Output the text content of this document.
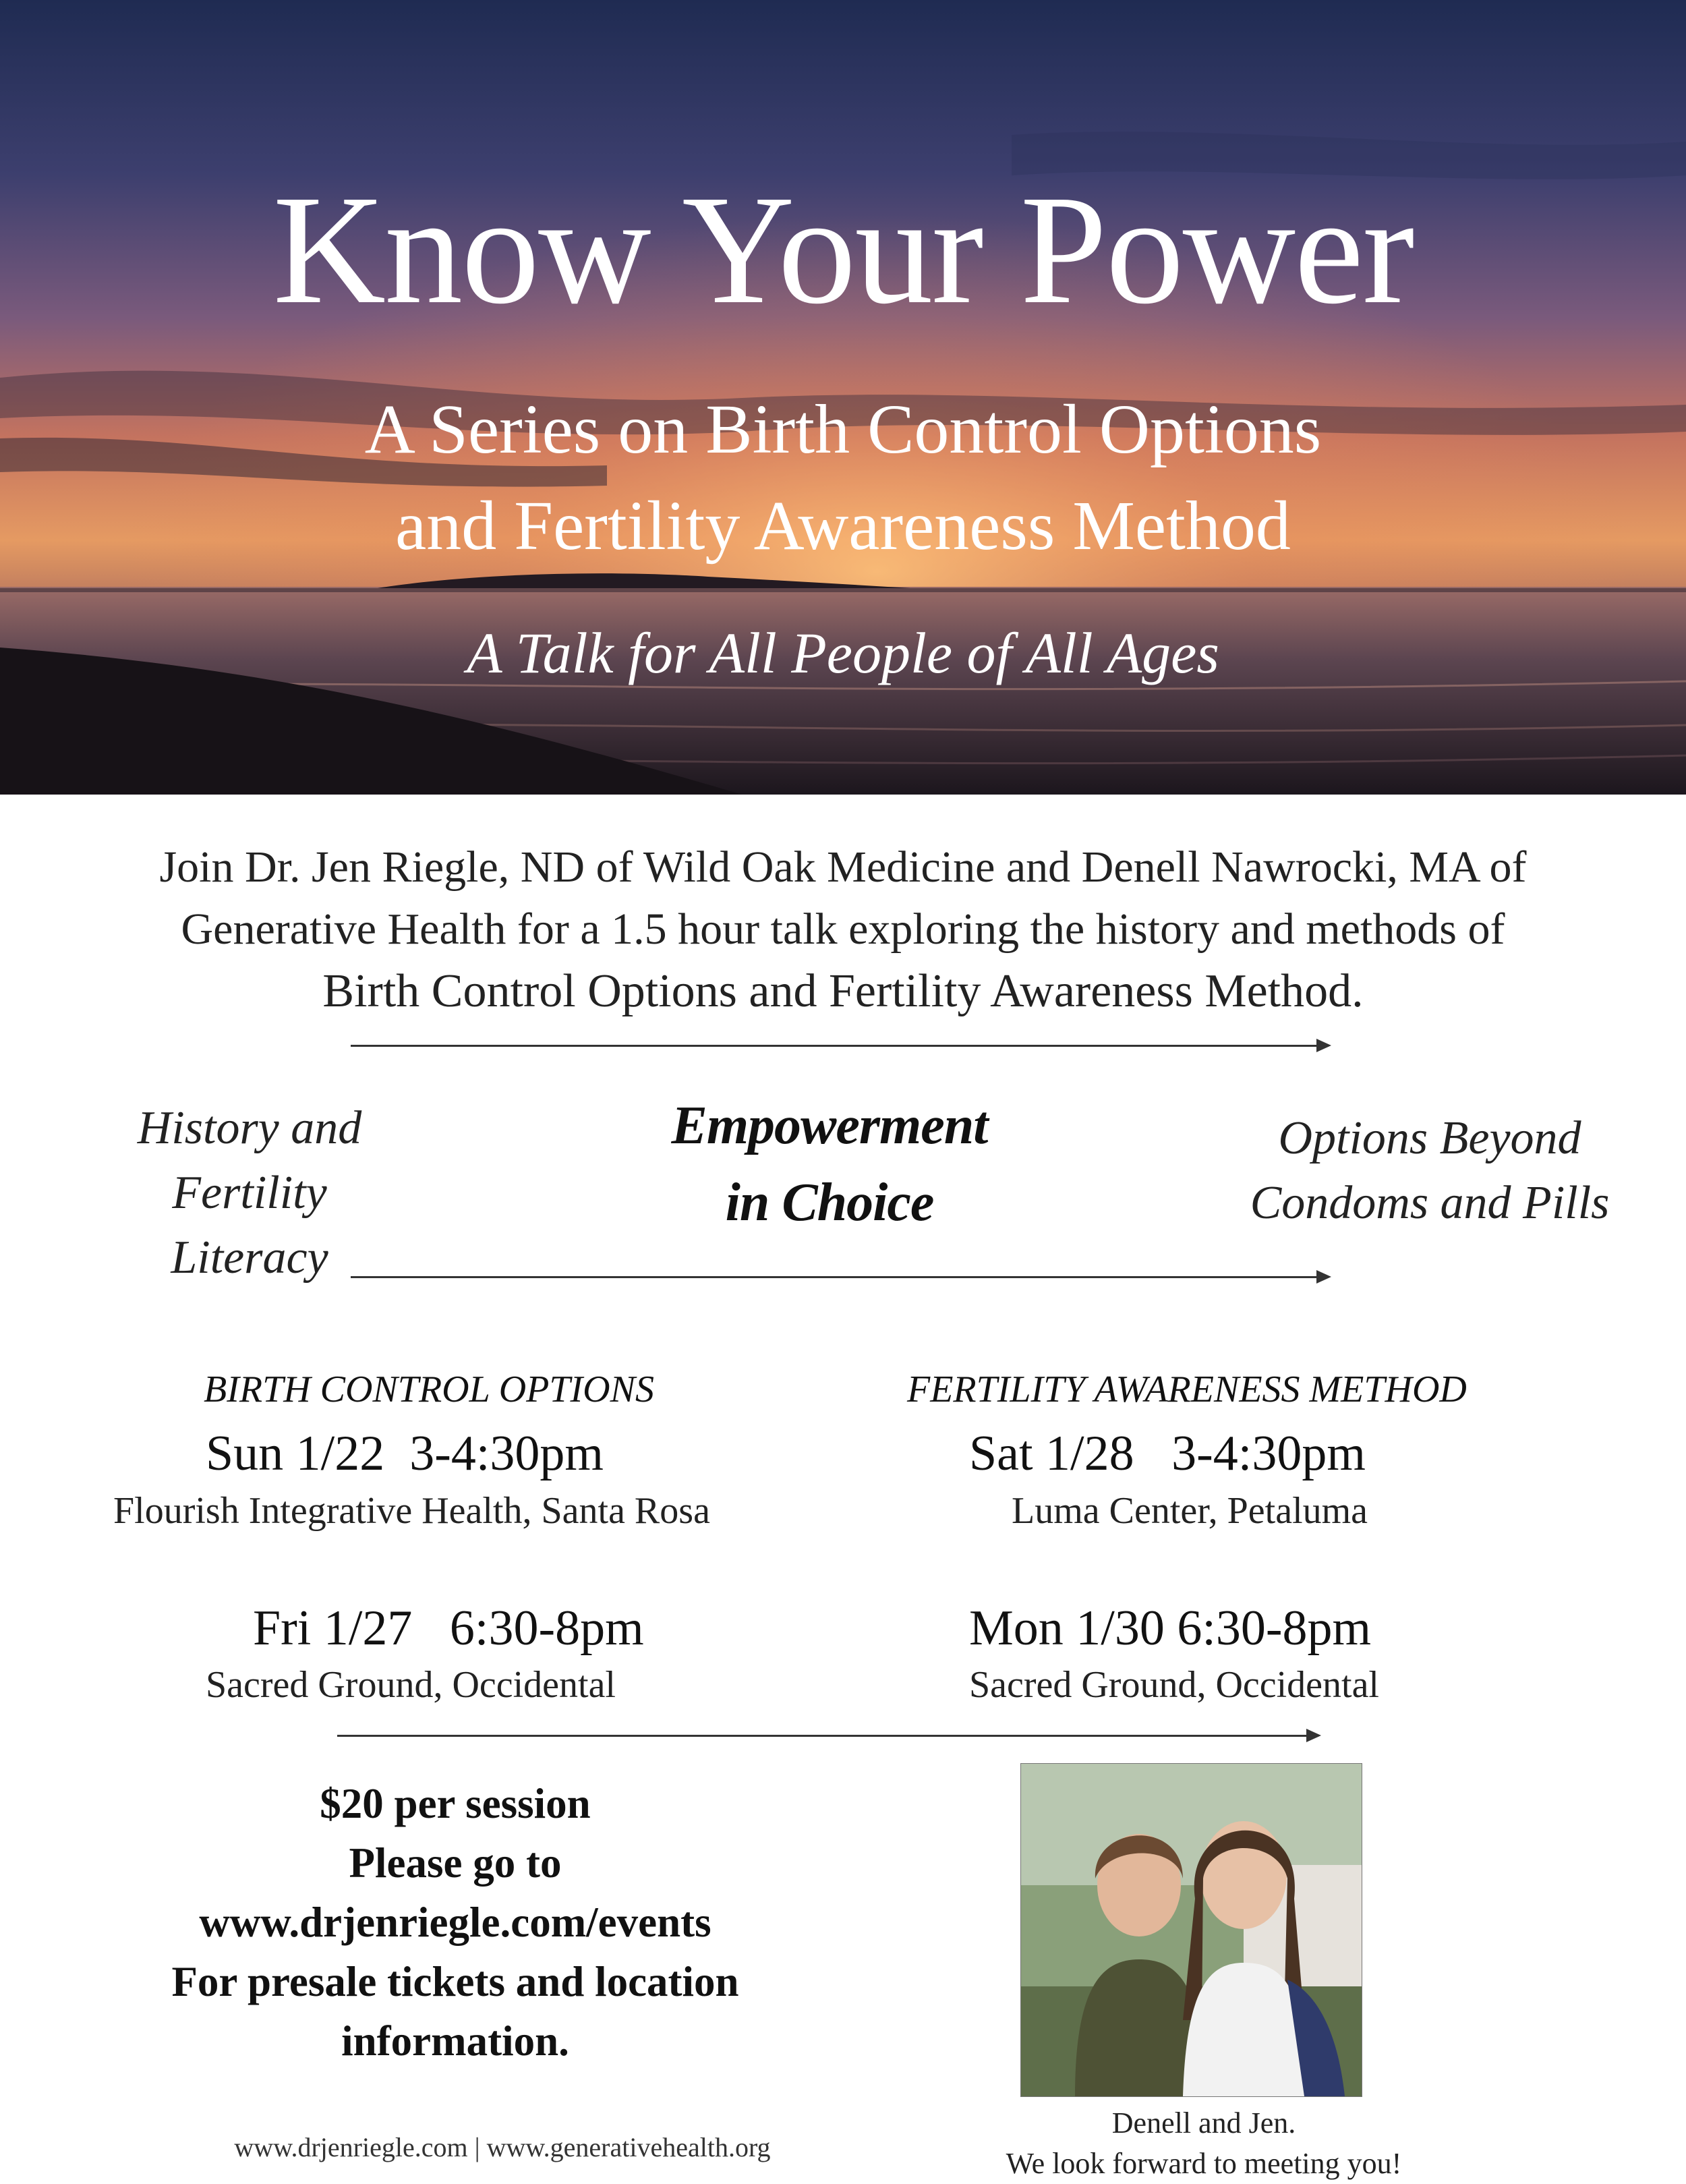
Know Your Power
A Series on Birth Control Options
and Fertility Awareness Method
A Talk for All People of All Ages
Join Dr. Jen Riegle, ND of Wild Oak Medicine and Denell Nawrocki, MA of
Generative Health for a 1.5 hour talk exploring the history and methods of
Birth Control Options and Fertility Awareness Method.
History and
Fertility Literacy
Empowerment
in Choice
Options Beyond
Condoms and Pills
BIRTH CONTROL OPTIONS
Sun 1/22  3-4:30pm
Flourish Integrative Health, Santa Rosa
Fri 1/27   6:30-8pm
Sacred Ground, Occidental
FERTILITY AWARENESS METHOD
Sat 1/28   3-4:30pm
Luma Center, Petaluma
Mon 1/30 6:30-8pm
Sacred Ground, Occidental
$20 per session
Please go to
www.drjenriegle.com/events
For presale tickets and location
information.
Denell and Jen.
We look forward to meeting you!
www.drjenriegle.com | www.generativehealth.org
